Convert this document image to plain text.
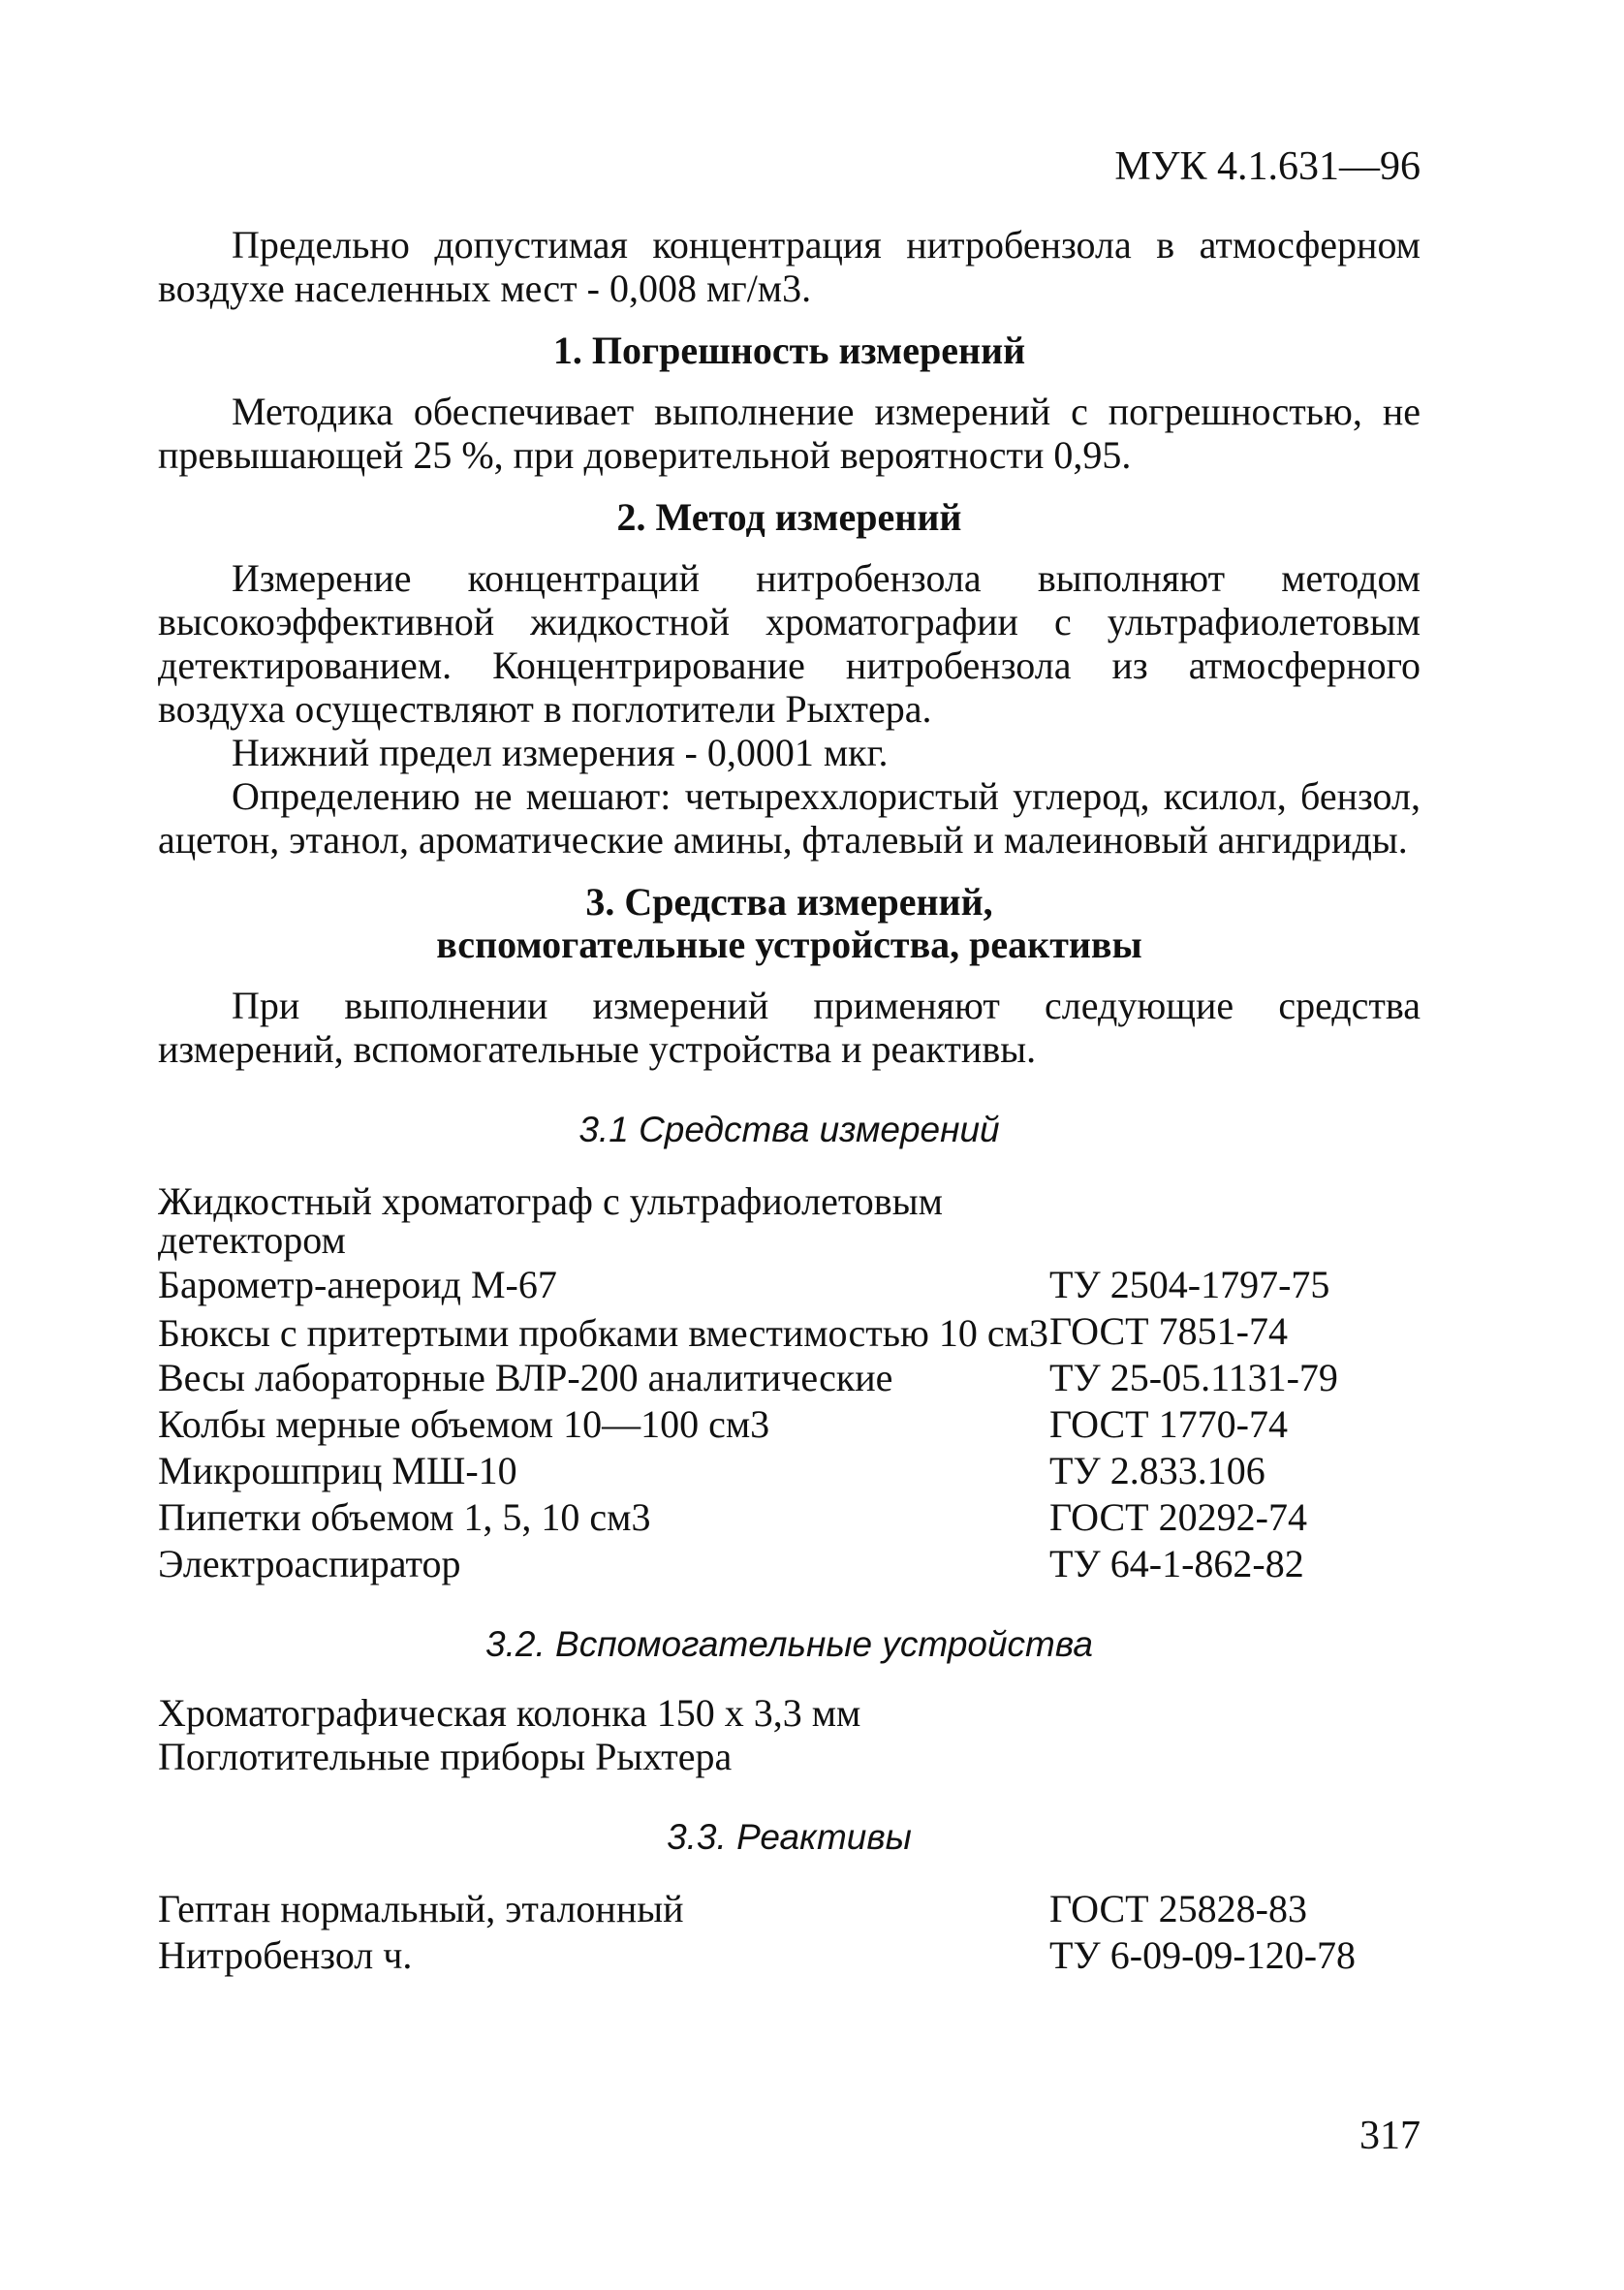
МУК 4.1.631—96

Предельно допустимая концентрация нитробензола в атмосферном воздухе населенных мест - 0,008 мг/м3.

1. Погрешность измерений

Методика обеспечивает выполнение измерений с погрешностью, не превышающей 25 %, при доверительной вероятности 0,95.

2. Метод измерений

Измерение концентраций нитробензола выполняют методом высокоэффективной жидкостной хроматографии с ультрафиолетовым детектированием. Концентрирование нитробензола из атмосферного воздуха осуществляют в поглотители Рыхтера.

Нижний предел измерения - 0,0001 мкг.

Определению не мешают: четыреххлористый углерод, ксилол, бензол, ацетон, этанол, ароматические амины, фталевый и малеиновый ангидриды.

3. Средства измерений,
вспомогательные устройства, реактивы

При выполнении измерений применяют следующие средства измерений, вспомогательные устройства и реактивы.

3.1 Средства измерений
Жидкостный хроматограф с ультрафиолетовым детектором	
Барометр-анероид М-67	ТУ 2504-1797-75
Бюксы с притертыми пробками вместимостью 10 см3	ГОСТ 7851-74
Весы лабораторные ВЛР-200 аналитические	ТУ 25-05.1131-79
Колбы мерные объемом 10—100 см3	ГОСТ 1770-74
Микрошприц МШ-10	ТУ 2.833.106
Пипетки объемом 1, 5, 10 см3	ГОСТ 20292-74
Электроаспиратор	ТУ 64-1-862-82
3.2. Вспомогательные устройства
Хроматографическая колонка 150 х 3,3 мм
Поглотительные приборы Рыхтера
3.3. Реактивы
Гептан нормальный, эталонный	ГОСТ 25828-83
Нитробензол ч.	ТУ 6-09-09-120-78
317
